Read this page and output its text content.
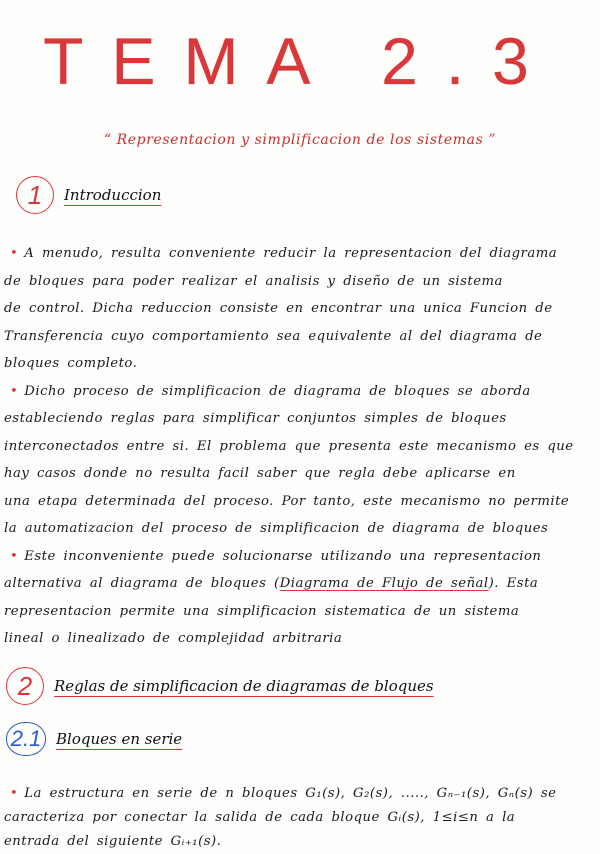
TEMA 2.3
“ Representacion y simplificacion de los sistemas ”
1	Introduccion
• A menudo, resulta conveniente reducir la representacion del diagrama
de bloques para poder realizar el analisis y diseño de un sistema
de control. Dicha reduccion consiste en encontrar una unica Funcion de
Transferencia cuyo comportamiento sea equivalente al del diagrama de
bloques completo.
• Dicho proceso de simplificacion de diagrama de bloques se aborda
estableciendo reglas para simplificar conjuntos simples de bloques
interconectados entre si. El problema que presenta este mecanismo es que
hay casos donde no resulta facil saber que regla debe aplicarse en
una etapa determinada del proceso. Por tanto, este mecanismo no permite
la automatizacion del proceso de simplificacion de diagrama de bloques
• Este inconveniente puede solucionarse utilizando una representacion
alternativa al diagrama de bloques (Diagrama de Flujo de señal). Esta
representacion permite una simplificacion sistematica de un sistema
lineal o linealizado de complejidad arbitraria
2	Reglas de simplificacion de diagramas de bloques
2.1 Bloques en serie
• La estructura en serie de n bloques G₁(s), G₂(s), ....., Gₙ₋₁(s), Gₙ(s) se
caracteriza por conectar la salida de cada bloque Gᵢ(s), 1≤i≤n a la
entrada del siguiente Gᵢ₊₁(s).
